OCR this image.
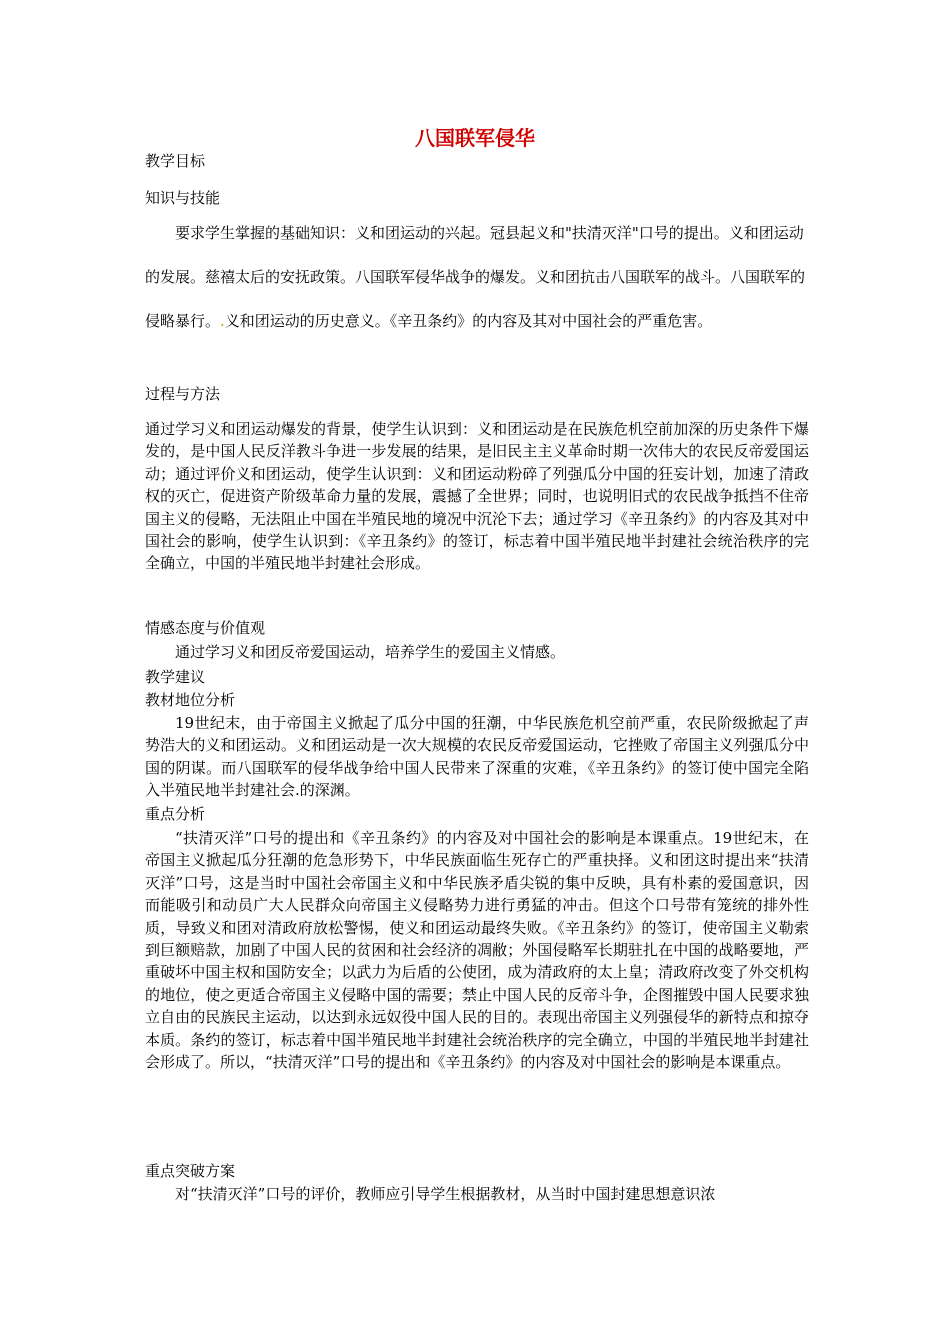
八国联军侵华

教学目标

知识与技能

要求学生掌握的基础知识：义和团运动的兴起。冠县起义和"扶清灭洋"口号的提出。义和团运动的发展。慈禧太后的安抚政策。八国联军侵华战争的爆发。义和团抗击八国联军的战斗。八国联军的侵略暴行。.义和团运动的历史意义。《辛丑条约》的内容及其对中国社会的严重危害。

过程与方法

通过学习义和团运动爆发的背景，使学生认识到：义和团运动是在民族危机空前加深的历史条件下爆发的，是中国人民反洋教斗争进一步发展的结果，是旧民主主义革命时期一次伟大的农民反帝爱国运动；通过评价义和团运动，使学生认识到：义和团运动粉碎了列强瓜分中国的狂妄计划，加速了清政权的灭亡，促进资产阶级革命力量的发展，震撼了全世界；同时，也说明旧式的农民战争抵挡不住帝国主义的侵略，无法阻止中国在半殖民地的境况中沉沦下去；通过学习《辛丑条约》的内容及其对中国社会的影响，使学生认识到：《辛丑条约》的签订，标志着中国半殖民地半封建社会统治秩序的完全确立，中国的半殖民地半封建社会形成。

情感态度与价值观

通过学习义和团反帝爱国运动，培养学生的爱国主义情感。

教学建议

教材地位分析

19世纪末，由于帝国主义掀起了瓜分中国的狂潮，中华民族危机空前严重，农民阶级掀起了声势浩大的义和团运动。义和团运动是一次大规模的农民反帝爱国运动，它挫败了帝国主义列强瓜分中国的阴谋。而八国联军的侵华战争给中国人民带来了深重的灾难，《辛丑条约》的签订使中国完全陷入半殖民地半封建社会.的深渊。

重点分析

“扶清灭洋”口号的提出和《辛丑条约》的内容及对中国社会的影响是本课重点。19世纪末，在帝国主义掀起瓜分狂潮的危急形势下，中华民族面临生死存亡的严重抉择。义和团这时提出来“扶清灭洋”口号，这是当时中国社会帝国主义和中华民族矛盾尖锐的集中反映，具有朴素的爱国意识，因而能吸引和动员广大人民群众向帝国主义侵略势力进行勇猛的冲击。但这个口号带有笼统的排外性质，导致义和团对清政府放松警惕，使义和团运动最终失败。《辛丑条约》的签订，使帝国主义勒索到巨额赔款，加剧了中国人民的贫困和社会经济的凋敝；外国侵略军长期驻扎在中国的战略要地，严重破坏中国主权和国防安全；以武力为后盾的公使团，成为清政府的太上皇；清政府改变了外交机构的地位，使之更适合帝国主义侵略中国的需要；禁止中国人民的反帝斗争，企图摧毁中国人民要求独立自由的民族民主运动，以达到永远奴役中国人民的目的。表现出帝国主义列强侵华的新特点和掠夺本质。条约的签订，标志着中国半殖民地半封建社会统治秩序的完全确立，中国的半殖民地半封建社会形成了。所以，“扶清灭洋”口号的提出和《辛丑条约》的内容及对中国社会的影响是本课重点。

重点突破方案

对“扶清灭洋”口号的评价，教师应引导学生根据教材，从当时中国封建思想意识浓
